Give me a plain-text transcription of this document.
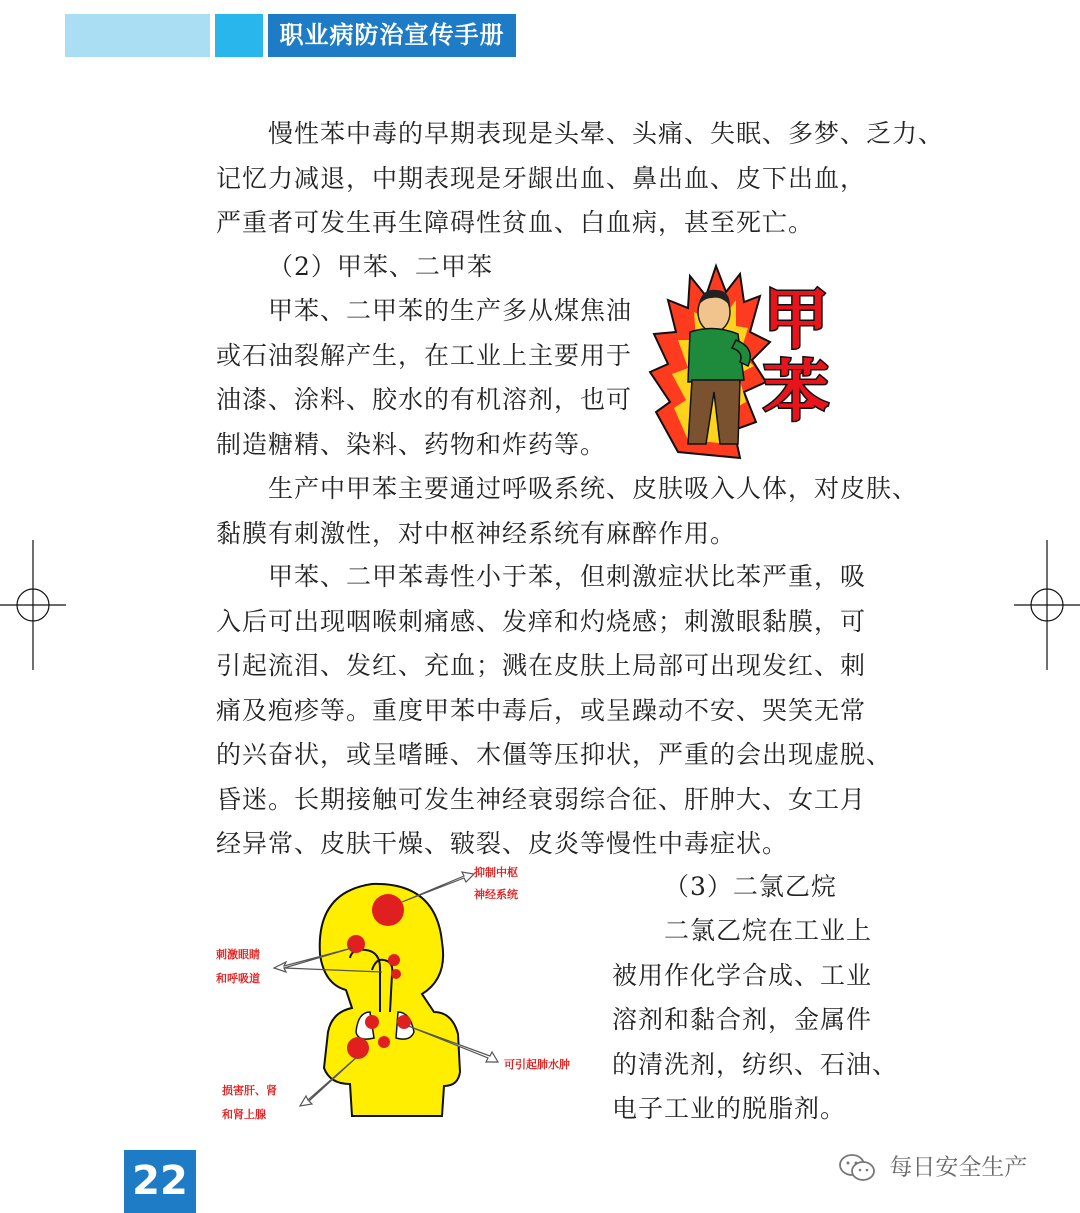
职业病防治宣传手册
慢性苯中毒的早期表现是头晕、头痛、失眠、多梦、乏力、
记忆力减退，中期表现是牙龈出血、鼻出血、皮下出血，
严重者可发生再生障碍性贫血、白血病，甚至死亡。
（2）甲苯、二甲苯
甲苯、二甲苯的生产多从煤焦油
或石油裂解产生，在工业上主要用于
油漆、涂料、胶水的有机溶剂，也可
制造糖精、染料、药物和炸药等。
甲
苯
生产中甲苯主要通过呼吸系统、皮肤吸入人体，对皮肤、
黏膜有刺激性，对中枢神经系统有麻醉作用。
甲苯、二甲苯毒性小于苯，但刺激症状比苯严重，吸
入后可出现咽喉刺痛感、发痒和灼烧感；刺激眼黏膜，可
引起流泪、发红、充血；溅在皮肤上局部可出现发红、刺
痛及疱疹等。重度甲苯中毒后，或呈躁动不安、哭笑无常
的兴奋状，或呈嗜睡、木僵等压抑状，严重的会出现虚脱、
昏迷。长期接触可发生神经衰弱综合征、肝肿大、女工月
经异常、皮肤干燥、皲裂、皮炎等慢性中毒症状。
抑制中枢
神经系统
刺激眼睛
和呼吸道
可引起肺水肿
损害肝、肾
和肾上腺
（3）二氯乙烷
二氯乙烷在工业上
被用作化学合成、工业
溶剂和黏合剂，金属件
的清洗剂，纺织、石油、
电子工业的脱脂剂。
22	每日安全生产
